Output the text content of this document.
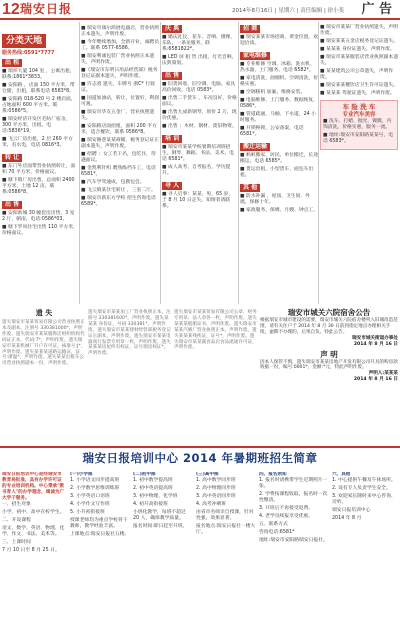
12 瑞安日报	2014年8月16日 | 星期六 | 责任编辑 | 徐小斐 广 告
分类天地
服务热线:0591*7777
出 租
■ 瑞祥大厦 104 室 ，公寓出租，联系:1861*3833。
■ 安阳路 ，店面 150 平方米，带仓储，出租，联系电话 6583*8。
■ 安阳路 018-520 号 2 楼店面，占地面积 600 平方米。联系:0586*5。
■ 瑞安经济开发区毛纺厂宿舍，300 平方米，出租。电话:5836*19。
■ 飞云厂房出租，2 层 260 平方米，有水电，电话 0816*3。
转 让
■ 东门外店面带营业执照转让，面积 70 平方米，价格面议。
■ 塘下镇厂房出售，总面积 2400 平方米，土地 12 亩。联系:0586*8。
出 售
■ 安阳新城 30 幢套房出售，3 室 2 厅，朝南，电话:0586*03。
■ 塘下罗凤住宅出售 110 平方米，价格面议。
■ 瑞安市康尔鸿展电器店，营业执照正本遗失，声明作废。
■ 今年继续增加，全新开业，诚聘员工。联系 0577-6586。
■ 瑞安利诚包装厂营业执照正本遗失，声明作废。
■《瑞安市东明日用品经营部》税务登记证副本遗失，声明作废。
■ 许志勇 遗失，车牌号 浙C* 行驶证。
■ 国道加油站，转让，位置好，利润可观。
■ 瑞安市华友五金厂，营业执照遗失。
■ 安阳路店面招租，面积 200 平方米，适合餐饮，联系 0586*8。
■ 瑞安阁巷某某商铺，税务登记证正副本遗失，声明作废。
■ 招聘 ：女工若干名，包吃住，待遇面议。
■ 金凯利针织 聘熟练挡车工，电话 6581*。
■ 汽车学驾速成，包教包会。
■ 飞云镇某住宅转让 ，三室二厅。
■ 瑞安市新东方学校 招生咨询电话 6589*。
庆 典
■ 婚庆礼仪，花车、音响、摄像、乐队，一条龙服务，联系:6581822*。
■ LED 屏 租 赁 出租，灯光音响，庆典策划。
出 售
■ 旧货回收，旧空调、电脑、家具高价回收，电话 0583*。
■ 出售二手货车 ，车况良好，价格面议。
■ 出售九成新钢琴，原价 2 万，现价优惠。
■ 出售 ：木材、钢材、废旧物资。
培 训
■ 瑞安市某某学校暑期培训班招生，钢琴、舞蹈、书法、美术，电话 6581*。
■ 成人高考、自考报名，学历提升。
寻 人
■ 寻人启事：某某，男，65 岁，于 8 月 10 日走失，知情者请联系。
招 商
■ 瑞安某某市场招商，黄金位置，欢迎洽谈。
家电维修
■ 专业维修 空调、冰箱、洗衣机、热水器，上门服务，电话 6582*。
■ 家电清洗，油烟机、空调清洗，价格实惠。
■ 空调移机 加氟，维修安装。
■ 电脑维修，上门服务，数据恢复，0586*。
■ 管道疏通，马桶、下水道，24 小时服务。
■ 开锁换锁，公安备案，电话 6581*。
搬迁运输
■ 蚂蚁搬家，居民、单位搬迁，长途搬运，电话 6585*。
■ 货运出租，小型货车，面包车出租。
其 他
■ 防水补漏 ，屋顶、卫生间、外墙，保修十年。
■ 家政服务，保姆、月嫂、钟点工。
■ 瑞安市某某厂营业执照遗失，声明作废。
■ 瑞安某某五金店税务登记证遗失。
■ 某某某 身份证遗失，声明作废。
■ 瑞安市某某服装店营业执照副本遗失。
■ 某某建筑公司公章遗失，声明作废。
■ 瑞安某某餐饮店卫生许可证遗失。
■ 某某某 驾驶证遗失，声明作废。
车 险 洗 车
专业汽车美容
■ 洗车、打蜡、抛光、镀膜，内饰清洗，价格实惠，服务一流。
■ 地址:瑞安市安阳路某某号，电话 6583*。
遗 失
遗失瑞安市某某贸易有限公司营业执照正本及副本，注册号 330381000*，声明作废。遗失瑞安市某某服饰店组织机构代码证正本，代码:7*，声明作废。遗失瑞安市某某机械厂开户许可证，核准号:J*，声明作废。遗失某某某道路运输证，证号:浙温*，声明作废。遗失某某出租车公司营业执照副本一份，声明作废。
遗失瑞安市某某加工厂营业执照正本，注册号 330381600*，声明作废。遗失某某某 身份证，号码 330381*，声明作废。遗失瑞安市某某建材经营部税务登记证正副本，声明作废。遗失瑞安市某某电器商行发票专用章一枚，声明作废。遗失某某某房屋所有权证，证号瑞房权证*，声明作废。
遗失瑞安市某某贸易有限公司公章、财务专用章、法人章各一枚，声明作废。遗失某某某船舶证书，声明作废。遗失瑞安市某某汽修厂营业执照正本，声明作废。遗失某某某残疾证，证号*，声明作废。遗失瑞安市某某副食品店食品流通许可证，声明作废。
瑞安市城关六院宿舍公告
根据瑞安市城市建设的需要，瑞安市城关六院宿舍楼列入旧城改造范围，请有关住户于 2014 年 8 月 30 日前到指定地点办理相关手续，逾期不办理的，后果自负。特此公告。
瑞安市城关街道办事处
2014 年 8 月 16 日
声 明
因本人保管不慎，遗失瑞安市某某房地产开发有限公司开具的购房款收据一份，编号:0001*，金额:*元，特此声明作废。
声明人:某某某
2014 年 8 月 16 日
瑞安日报培训中心 2014 年暑期班招生简章
瑞安日报培训中心是经瑞安市教育局批准，具有办学许可证的专业培训机构。中心秉承"教书育人"的办学理念，竭诚为广大学子服务。
一、招生对象
小学、初中、高中在校学生。
二、开设课程
语文、数学、英语、物理、化学、作文、书法、美术等。
三、上课时间
7 月 10 日至 8 月 25 日。
(一)小学部
1. 小学语文同步提高班
2. 小学数学思维训练班
3. 小学英语口语班
4. 小学作文写作班
5. 小升初衔接班
授课老师均为重点学校骨干教师，教学经验丰富。
上课地点:瑞安日报社五楼。
(二)初中部
1. 初中数学提高班
2. 初中英语提高班
3. 初中物理、化学班
4. 初升高衔接班
小班化教学，每班不超过 20 人，确保教学质量。
报名时间:即日起至开班。
(三)高中部
1. 高中数学同步班
2. 高中物理同步班
3. 高中英语同步班
4. 高考冲刺班
由省市名师亲自授课，针对性强，效果显著。
报名地点:瑞安日报社一楼大厅。
四、报名须知
1. 报名时请携带学生近期照片一张。
2. 学费按课程收取，报名时一次性缴清。
3. 开班后不再接受退费。
4. 老学员续报享受优惠。
五、联系方式
咨询电话:6581*
地址:瑞安市安阳路瑞安日报社。
六、其他
1. 中心提供午餐及午休场所。
2. 设有专人负责学生安全。
3. 欢迎家长随时来中心咨询、旁听。
瑞安日报培训中心
2014 年 8 月
